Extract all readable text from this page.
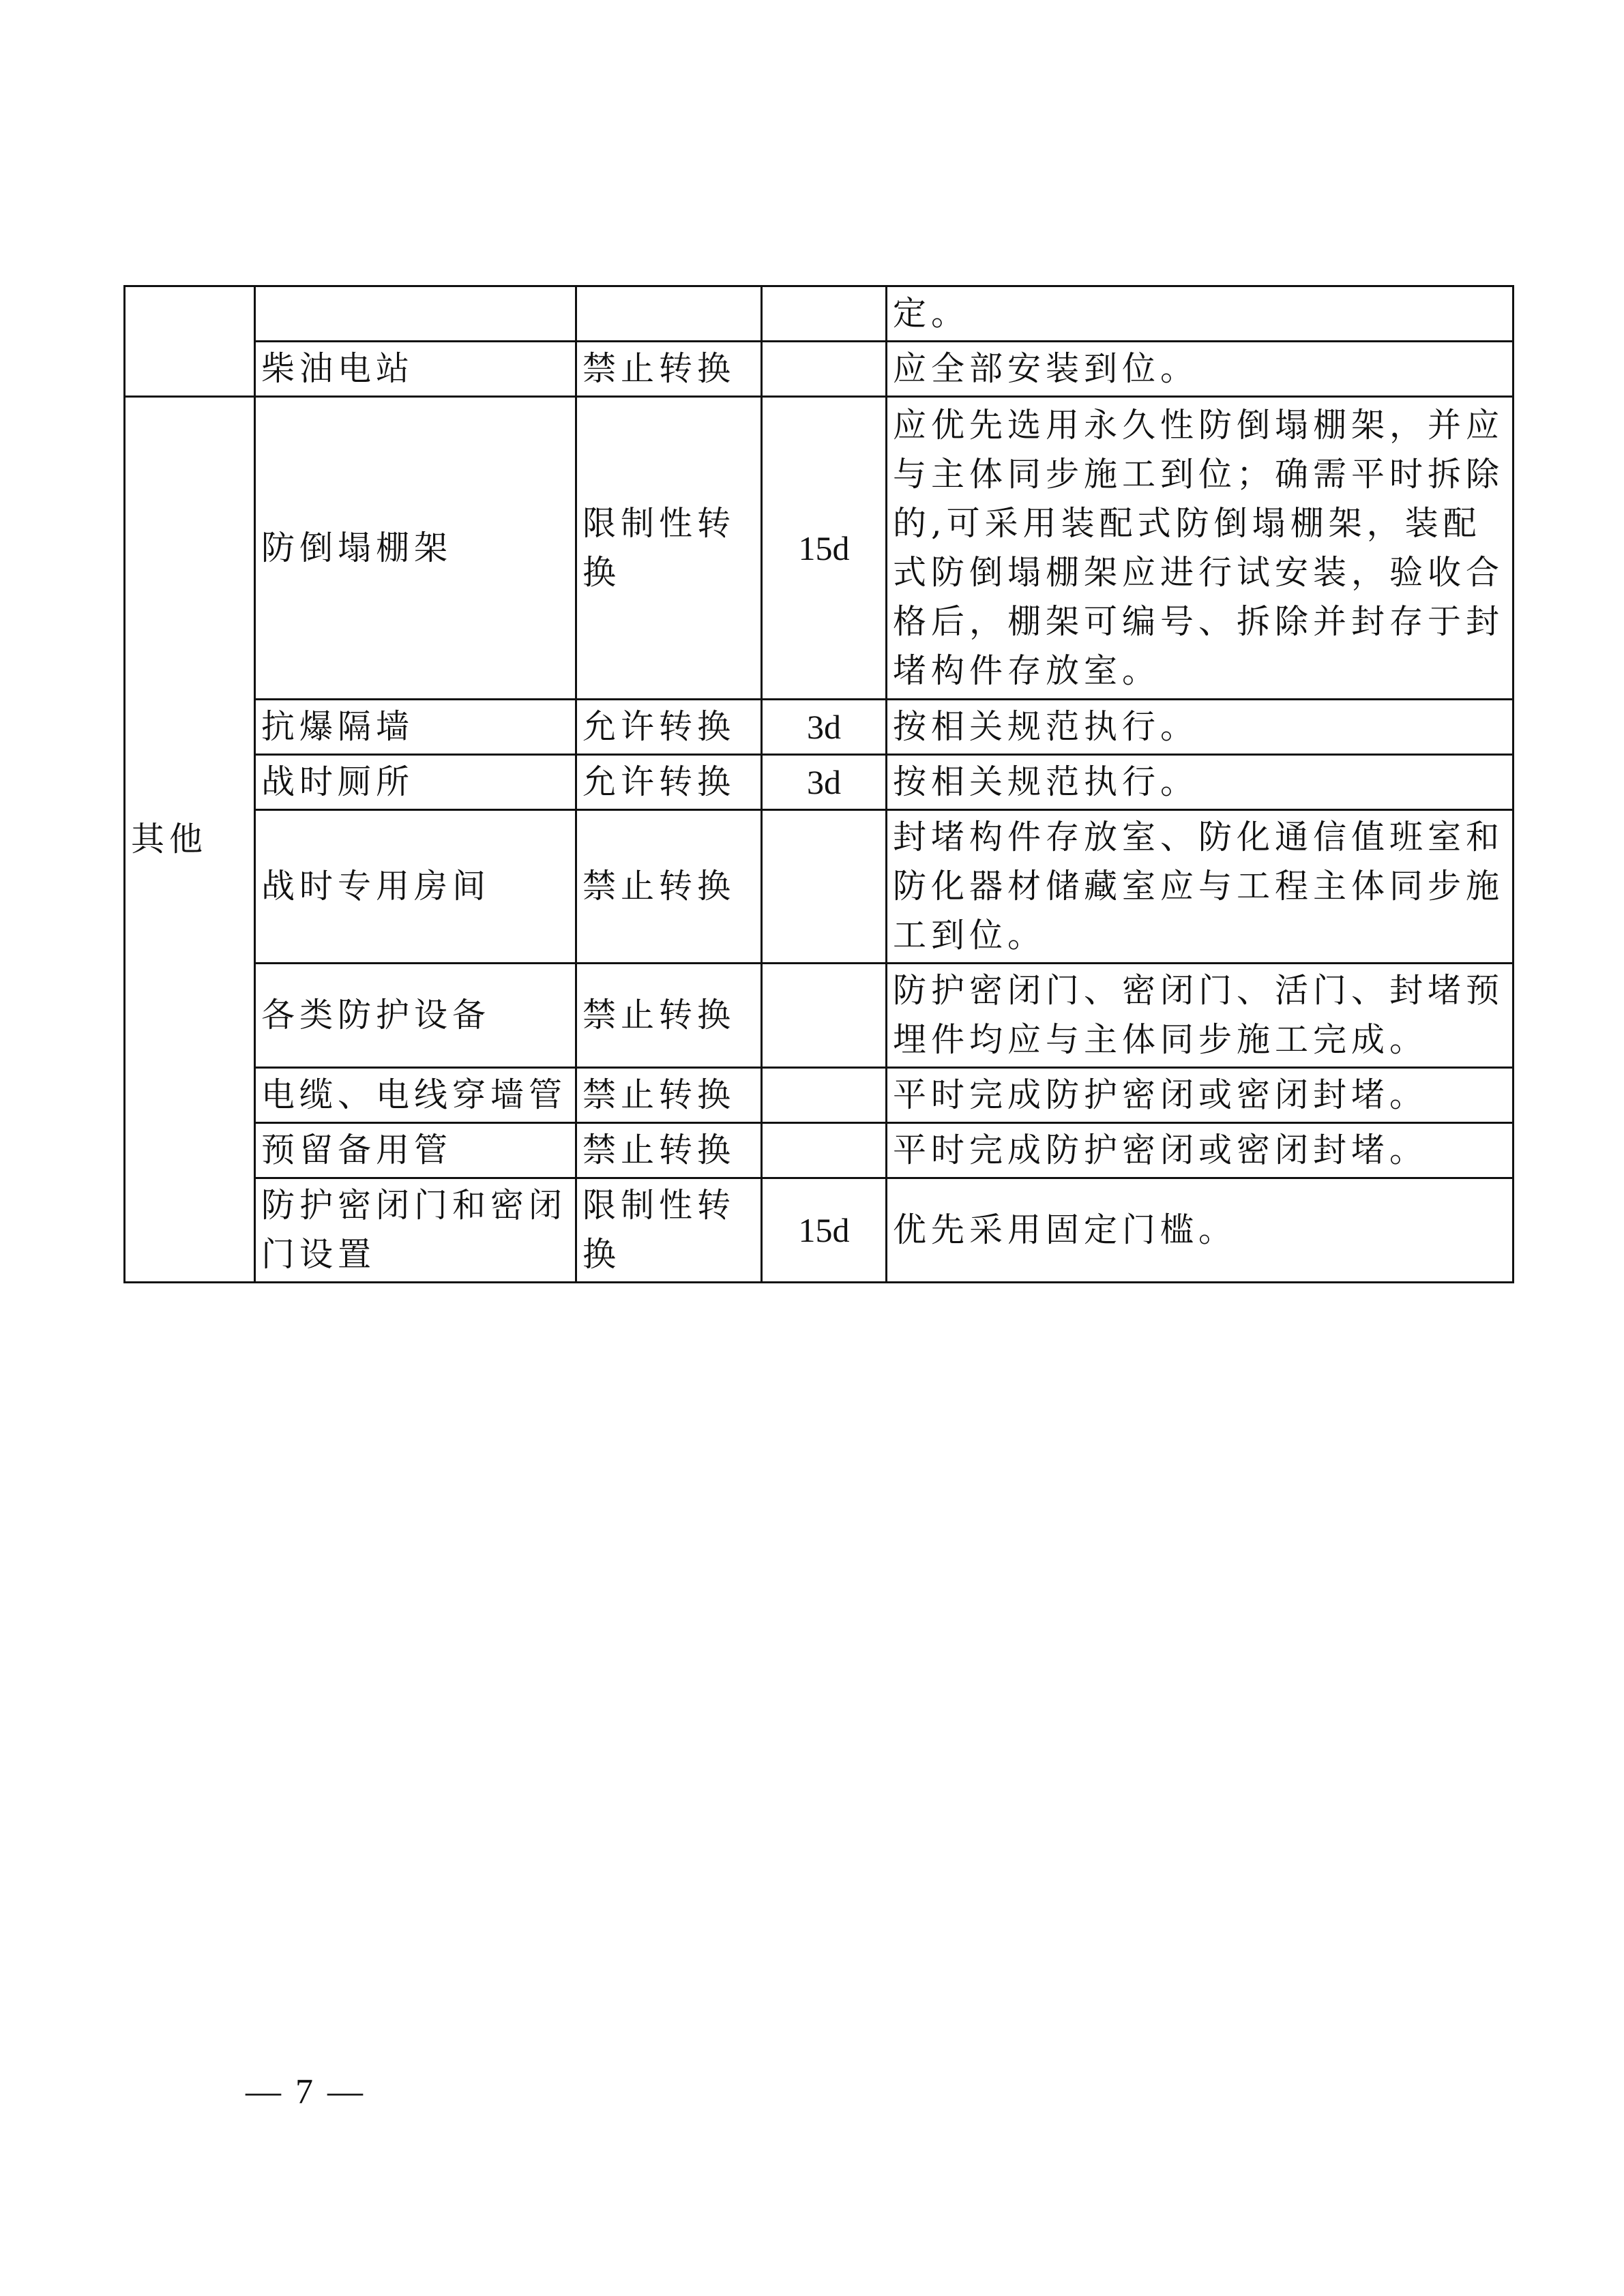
				定。
	柴油电站	禁止转换		应全部安装到位。
其他	防倒塌棚架	限制性转换	15d	应优先选用永久性防倒塌棚架，并应与主体同步施工到位；确需平时拆除的,可采用装配式防倒塌棚架，装配式防倒塌棚架应进行试安装，验收合格后，棚架可编号、拆除并封存于封堵构件存放室。
	抗爆隔墙	允许转换	3d	按相关规范执行。
	战时厕所	允许转换	3d	按相关规范执行。
	战时专用房间	禁止转换		封堵构件存放室、防化通信值班室和防化器材储藏室应与工程主体同步施工到位。
	各类防护设备	禁止转换		防护密闭门、密闭门、活门、封堵预埋件均应与主体同步施工完成。
	电缆、电线穿墙管	禁止转换		平时完成防护密闭或密闭封堵。
	预留备用管	禁止转换		平时完成防护密闭或密闭封堵。
	防护密闭门和密闭门设置	限制性转换	15d	优先采用固定门槛。
— 7 —
